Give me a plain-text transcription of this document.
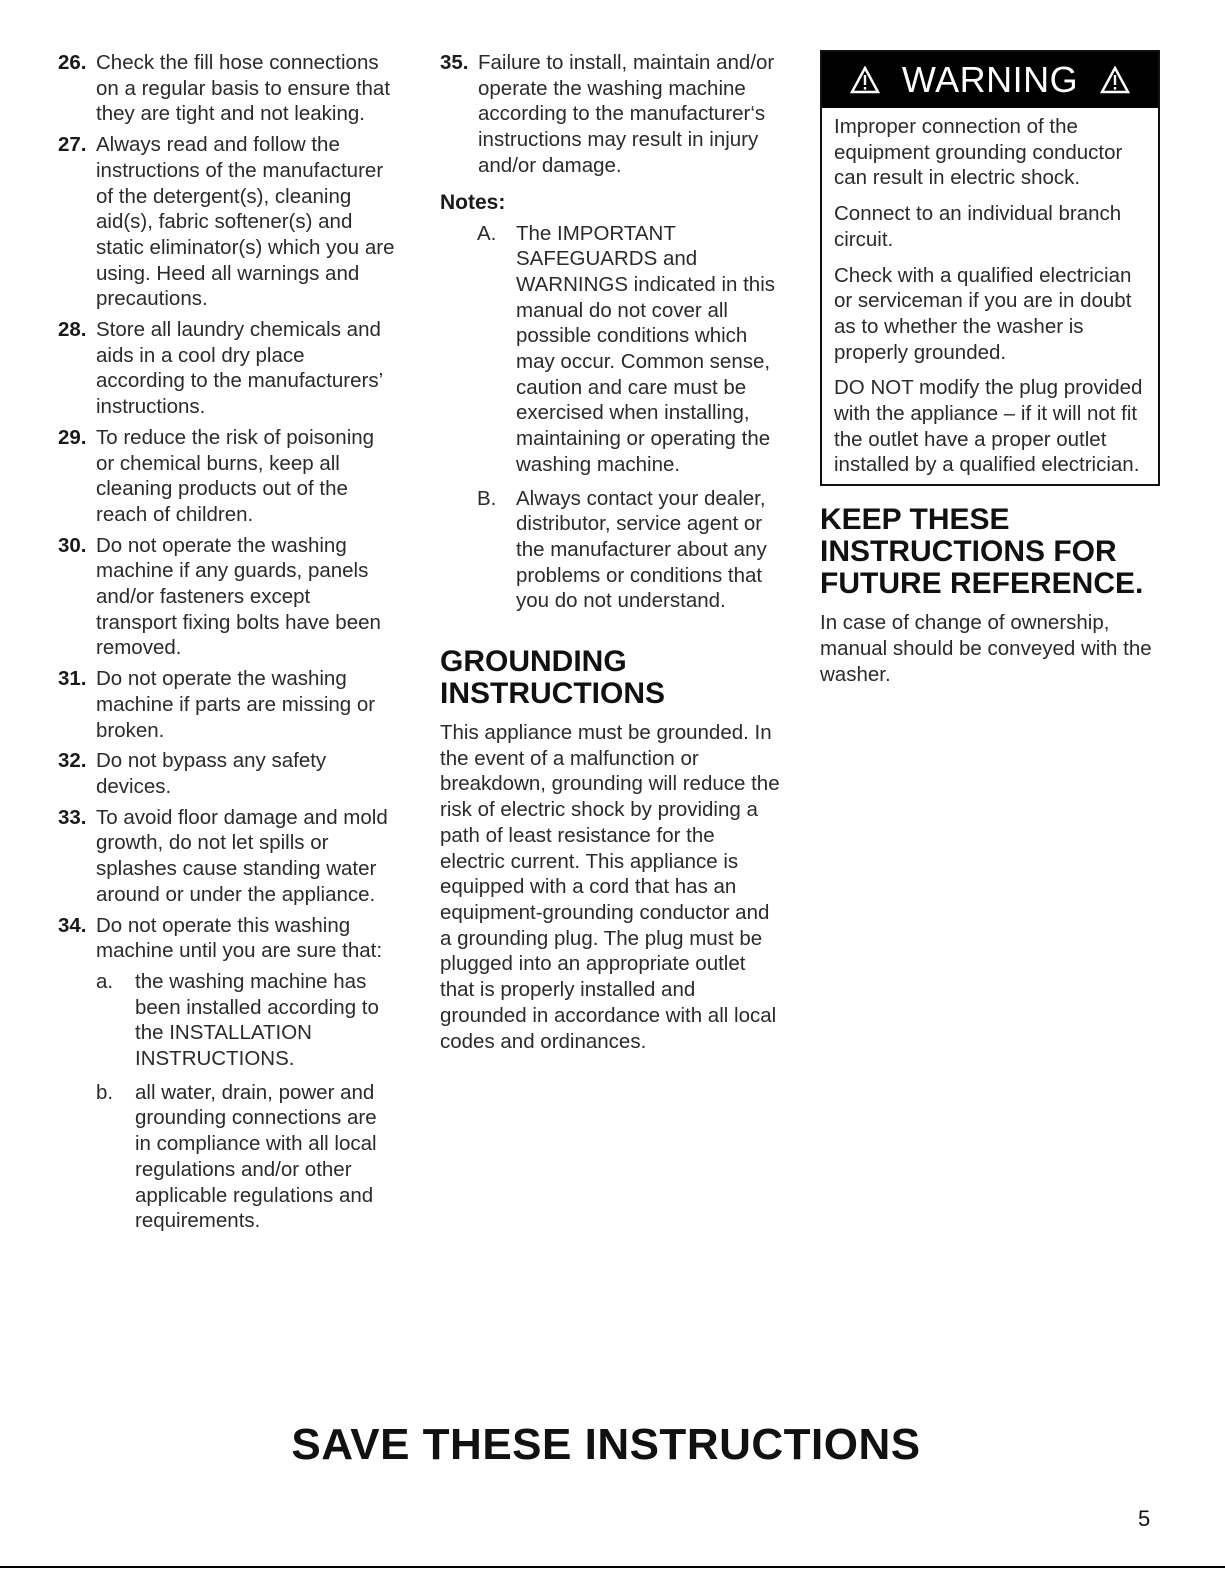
26. Check the fill hose connections on a regular basis to ensure that they are tight and not leaking.
27. Always read and follow the instructions of the manufacturer of the detergent(s), cleaning aid(s), fabric softener(s) and static eliminator(s) which you are using. Heed all warnings and precautions.
28. Store all laundry chemicals and aids in a cool dry place according to the manufacturers’ instructions.
29. To reduce the risk of poisoning or chemical burns, keep all cleaning products out of the reach of children.
30. Do not operate the washing machine if any guards, panels and/or fasteners except transport fixing bolts have been removed.
31. Do not operate the washing machine if parts are missing or broken.
32. Do not bypass any safety devices.
33. To avoid floor damage and mold growth, do not let spills or splashes cause standing water around or under the appliance.
34. Do not operate this washing machine until you are sure that:
a. the washing machine has been installed according to the INSTALLATION INSTRUCTIONS.
b. all water, drain, power and grounding connections are in compliance with all local regulations and/or other applicable regulations and requirements.
35. Failure to install, maintain and/or operate the washing machine according to the manufacturer‘s instructions may result in injury and/or damage.
Notes:
A. The IMPORTANT SAFEGUARDS and WARNINGS indicated in this manual do not cover all possible conditions which may occur. Common sense, caution and care must be exercised when installing, maintaining or operating the washing machine.
B. Always contact your dealer, distributor, service agent or the manufacturer about any problems or conditions that you do not understand.
GROUNDING
INSTRUCTIONS

This appliance must be grounded. In the event of a malfunction or breakdown, grounding will reduce the risk of electric shock by providing a path of least resistance for the electric current. This appliance is equipped with a cord that has an equipment-grounding conductor and a grounding plug. The plug must be plugged into an appropriate outlet that is properly installed and grounded in accordance with all local codes and ordinances.

WARNING

Improper connection of the equipment grounding conductor can result in electric shock.

Connect to an individual branch circuit.

Check with a qualified electrician or serviceman if you are in doubt as to whether the washer is properly grounded.

DO NOT modify the plug provided with the appliance – if it will not fit the outlet have a proper outlet installed by a qualified electrician.

KEEP THESE
INSTRUCTIONS FOR
FUTURE REFERENCE.

In case of change of ownership, manual should be conveyed with the washer.

SAVE THESE INSTRUCTIONS
5
